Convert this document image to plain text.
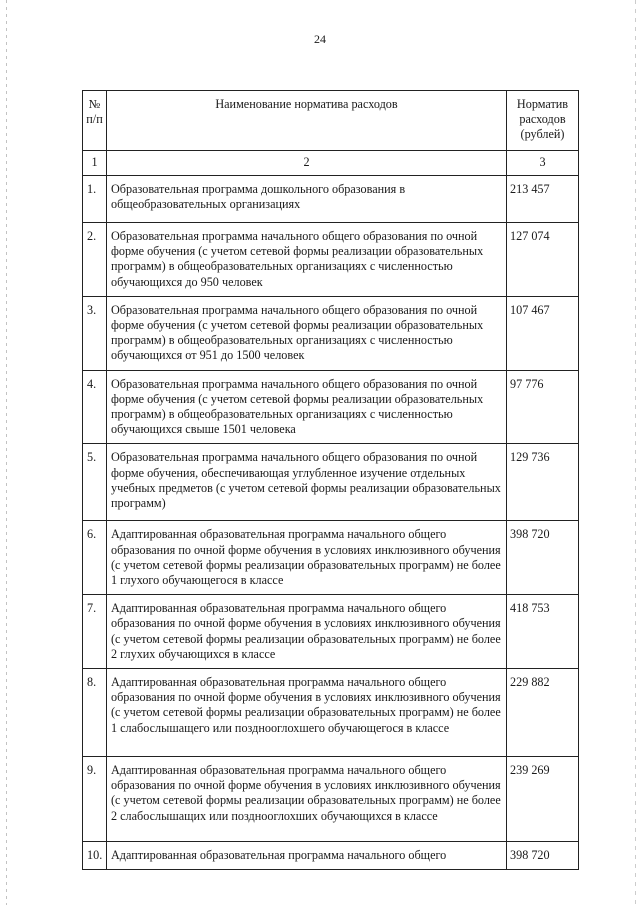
24
№ п/п	Наименование норматива расходов	Норматив расходов (рублей)

1	2	3

1.	Образовательная программа дошкольного образования в общеобразовательных организациях	213 457

2.	Образовательная программа начального общего образования по очной форме обучения (с учетом сетевой формы реализации образовательных программ) в общеобразовательных организациях с численностью обучающихся до 950 человек	127 074

3.	Образовательная программа начального общего образования по очной форме обучения (с учетом сетевой формы реализации образовательных программ) в общеобразовательных организациях с численностью обучающихся от 951 до 1500 человек	107 467

4.	Образовательная программа начального общего образования по очной форме обучения (с учетом сетевой формы реализации образовательных программ) в общеобразовательных организациях с численностью обучающихся свыше 1501 человека	97 776

5.	Образовательная программа начального общего образования по очной форме обучения, обеспечивающая углубленное изучение отдельных учебных предметов (с учетом сетевой формы реализации образовательных программ)	129 736

6.	Адаптированная образовательная программа начального общего образования по очной форме обучения в условиях инклюзивного обучения (с учетом сетевой формы реализации образовательных программ) не более 1 глухого обучающегося в классе	398 720

7.	Адаптированная образовательная программа начального общего образования по очной форме обучения в условиях инклюзивного обучения (с учетом сетевой формы реализации образовательных программ) не более 2 глухих обучающихся в классе	418 753

8.	Адаптированная образовательная программа начального общего образования по очной форме обучения в условиях инклюзивного обучения (с учетом сетевой формы реализации образовательных программ) не более 1 слабослышащего или позднооглохшего обучающегося в классе	229 882

9.	Адаптированная образовательная программа начального общего образования по очной форме обучения в условиях инклюзивного обучения (с учетом сетевой формы реализации образовательных программ) не более 2 слабослышащих или позднооглохших обучающихся в классе	239 269

10.	Адаптированная образовательная программа начального общего	398 720
